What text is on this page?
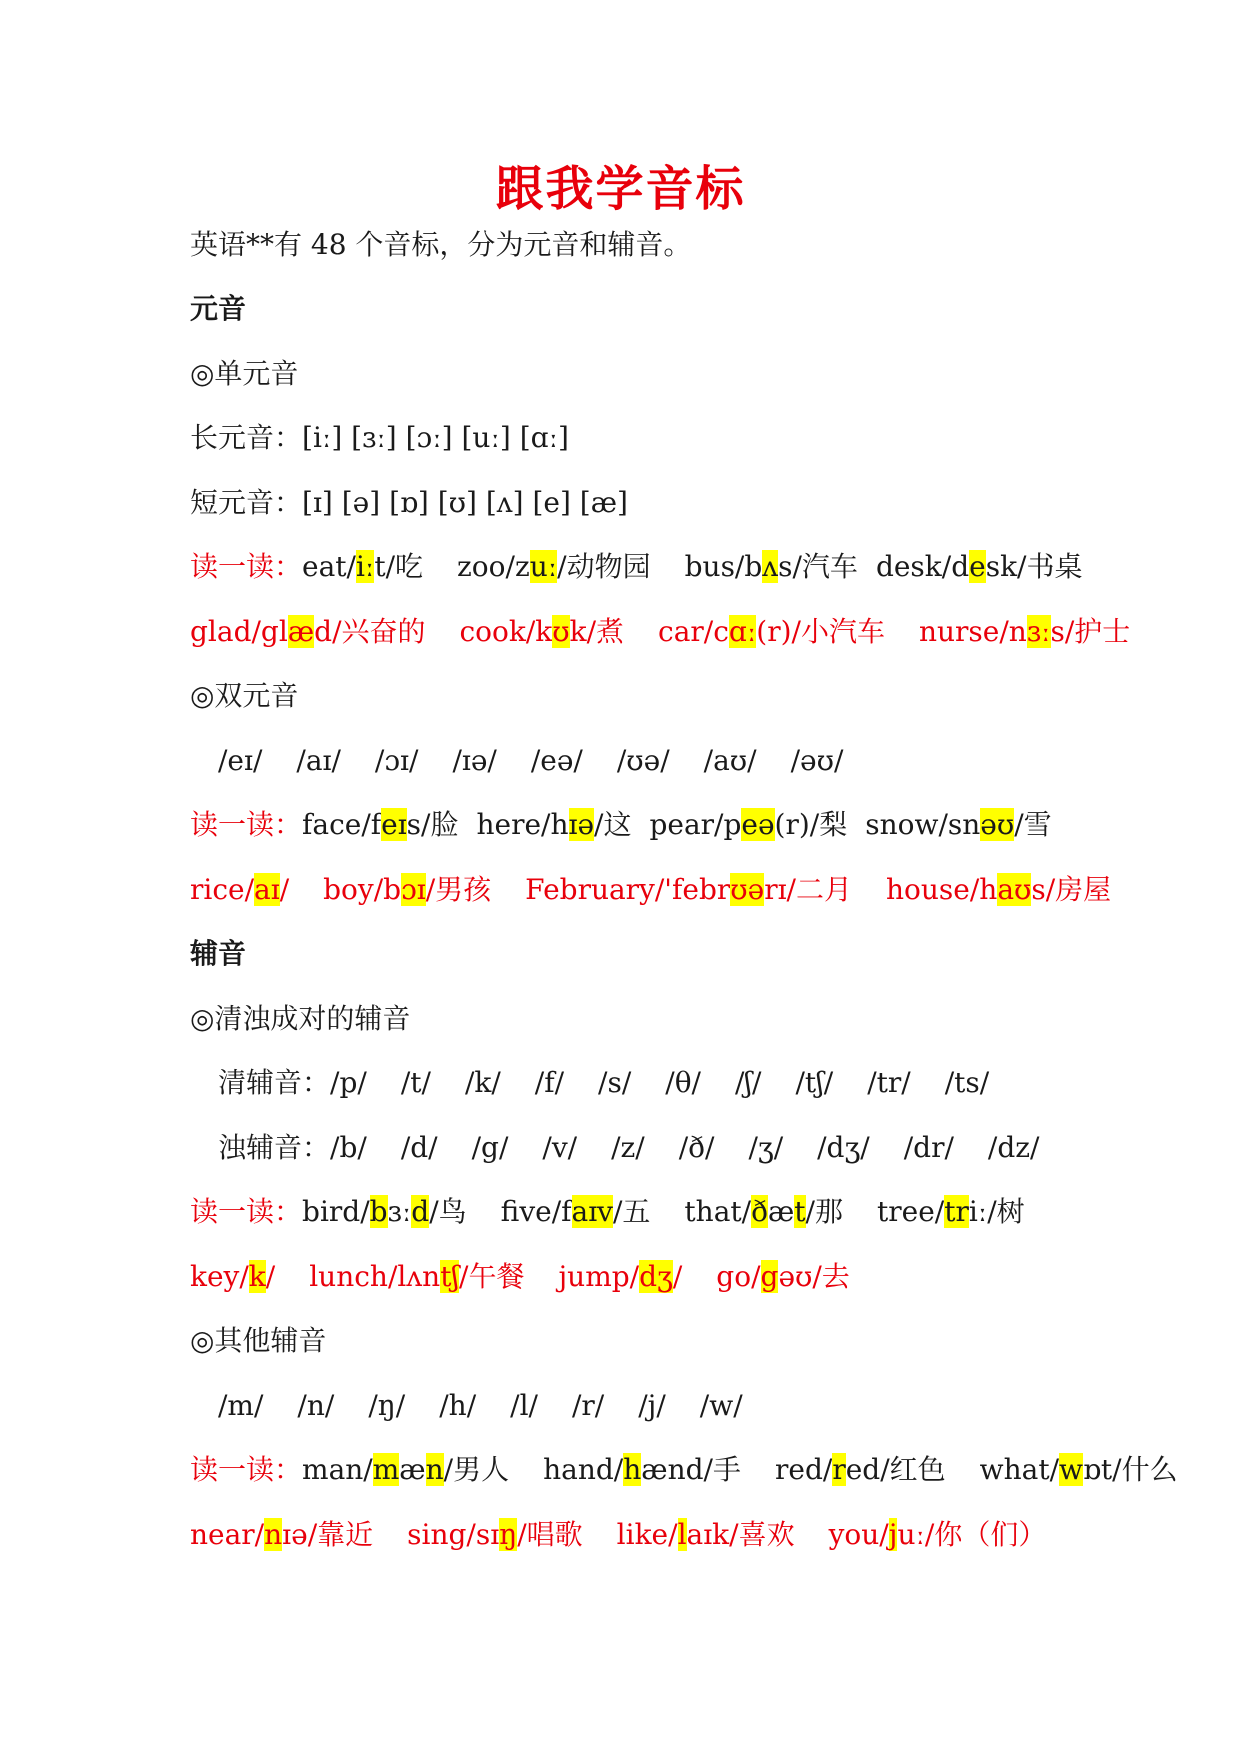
跟我学音标
英语**有 48 个音标，分为元音和辅音。
元音
◎单元音
长元音：[iː] [ɜː] [ɔː] [uː] [ɑː]
短元音：[ɪ] [ə] [ɒ] [ʊ] [ʌ] [e] [æ]
读一读：eat/iːt/吃 zoo/zuː/动物园 bus/bʌs/汽车 desk/desk/书桌
glad/glæd/兴奋的 cook/kʊk/煮 car/cɑː(r)/小汽车 nurse/nɜːs/护士
◎双元音
/eɪ/ /aɪ/ /ɔɪ/ /ɪə/ /eə/ /ʊə/ /aʊ/ /əʊ/
读一读：face/feɪs/脸 here/hɪə/这 pear/peə(r)/梨 snow/snəʊ/雪
rice/aɪ/ boy/bɔɪ/男孩 February/'febrʊərɪ/二月 house/haʊs/房屋
辅音
◎清浊成对的辅音
清辅音：/p/ /t/ /k/ /f/ /s/ /θ/ /ʃ/ /tʃ/ /tr/ /ts/
浊辅音：/b/ /d/ /g/ /v/ /z/ /ð/ /ʒ/ /dʒ/ /dr/ /dz/
读一读：bird/bɜːd/鸟 five/faɪv/五 that/ðæt/那 tree/triː/树
key/k/ lunch/lʌntʃ/午餐 jump/dʒ/ go/gəʊ/去
◎其他辅音
/m/ /n/ /ŋ/ /h/ /l/ /r/ /j/ /w/
读一读：man/mæn/男人 hand/hænd/手 red/red/红色 what/wɒt/什么
near/nɪə/靠近 sing/sɪŋ/唱歌 like/laɪk/喜欢 you/juː/你（们）
